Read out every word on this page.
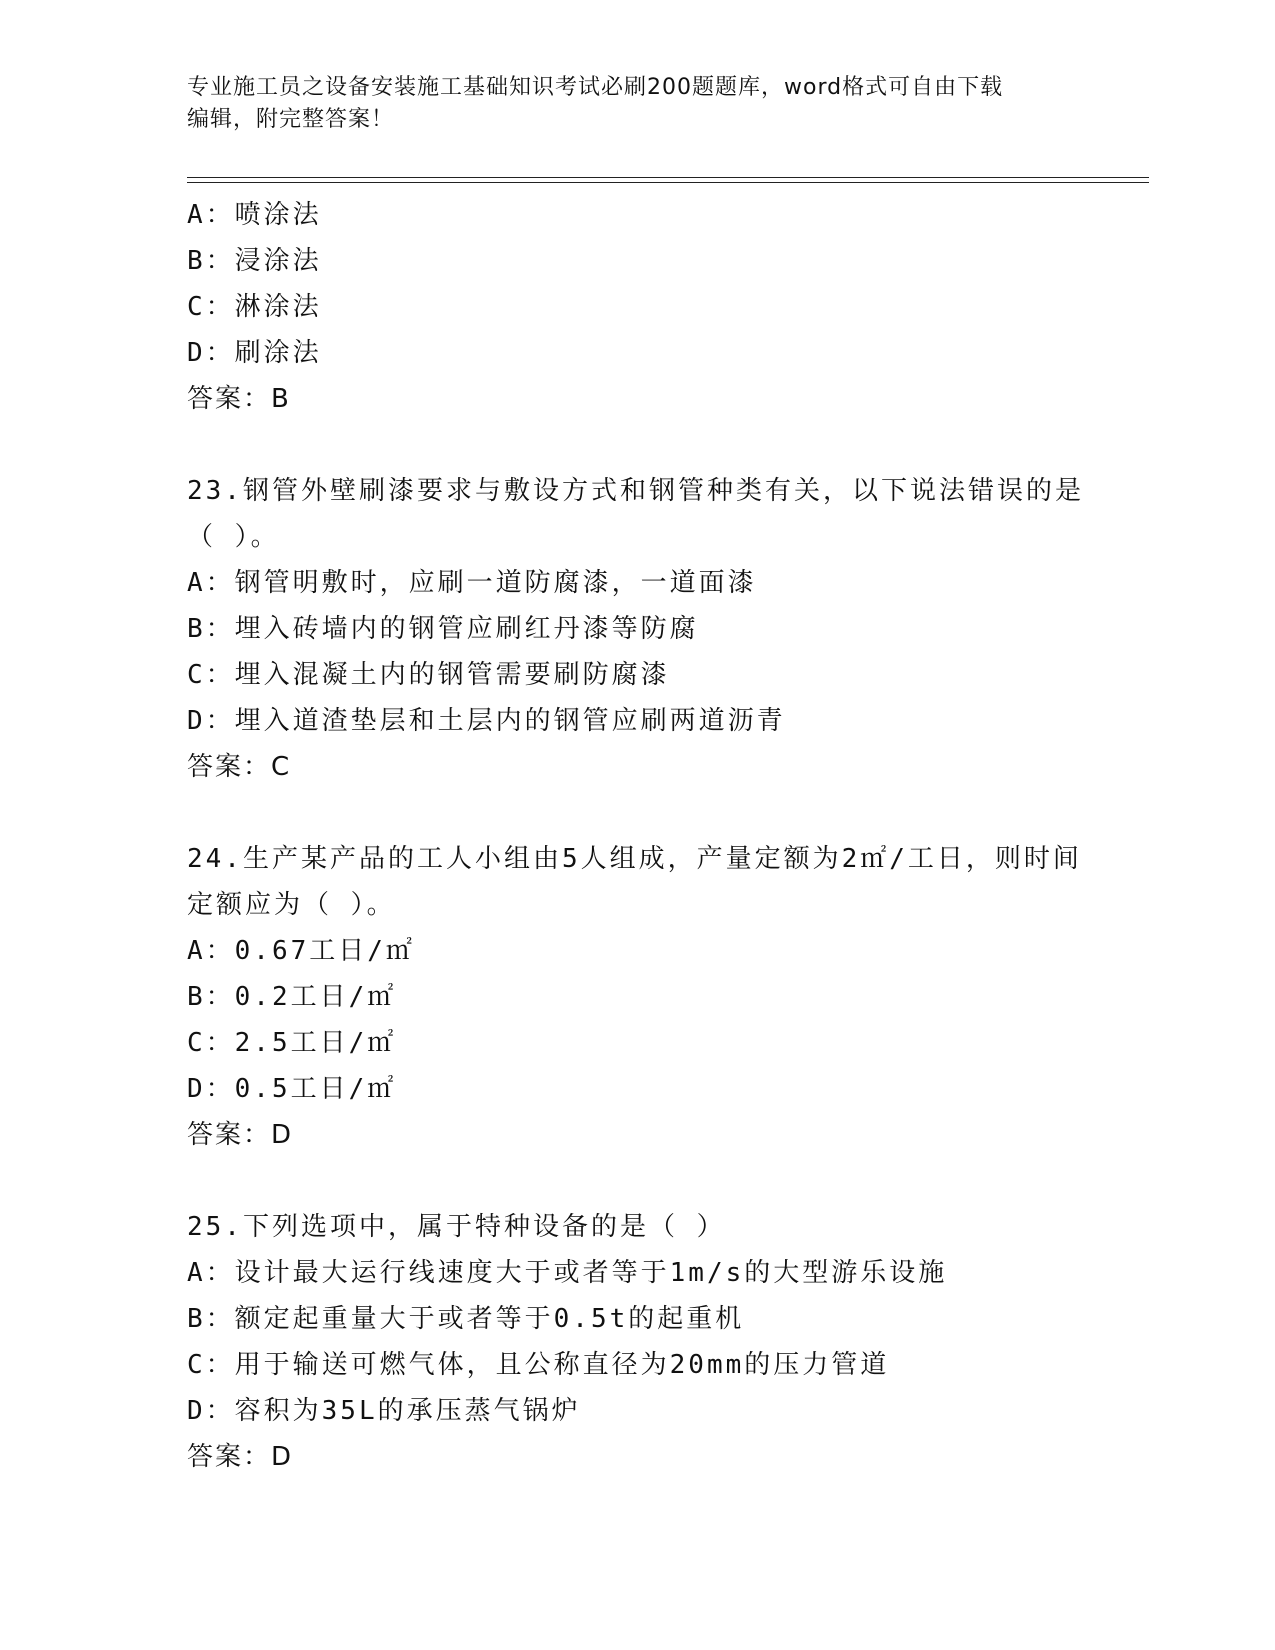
专业施工员之设备安装施工基础知识考试必刷200题题库，word格式可自由下载
编辑，附完整答案！
A：喷涂法
B：浸涂法
C：淋涂法
D：刷涂法
答案：B
23.钢管外壁刷漆要求与敷设方式和钢管种类有关，以下说法错误的是
（ ）。
A：钢管明敷时，应刷一道防腐漆，一道面漆
B：埋入砖墙内的钢管应刷红丹漆等防腐
C：埋入混凝土内的钢管需要刷防腐漆
D：埋入道渣垫层和土层内的钢管应刷两道沥青
答案：C
24.生产某产品的工人小组由5人组成，产量定额为2㎡/工日，则时间
定额应为（ ）。
A：0.67工日/㎡
B：0.2工日/㎡
C：2.5工日/㎡
D：0.5工日/㎡
答案：D
25.下列选项中，属于特种设备的是（ ）
A：设计最大运行线速度大于或者等于1m/s的大型游乐设施
B：额定起重量大于或者等于0.5t的起重机
C：用于输送可燃气体，且公称直径为20mm的压力管道
D：容积为35L的承压蒸气锅炉
答案：D
